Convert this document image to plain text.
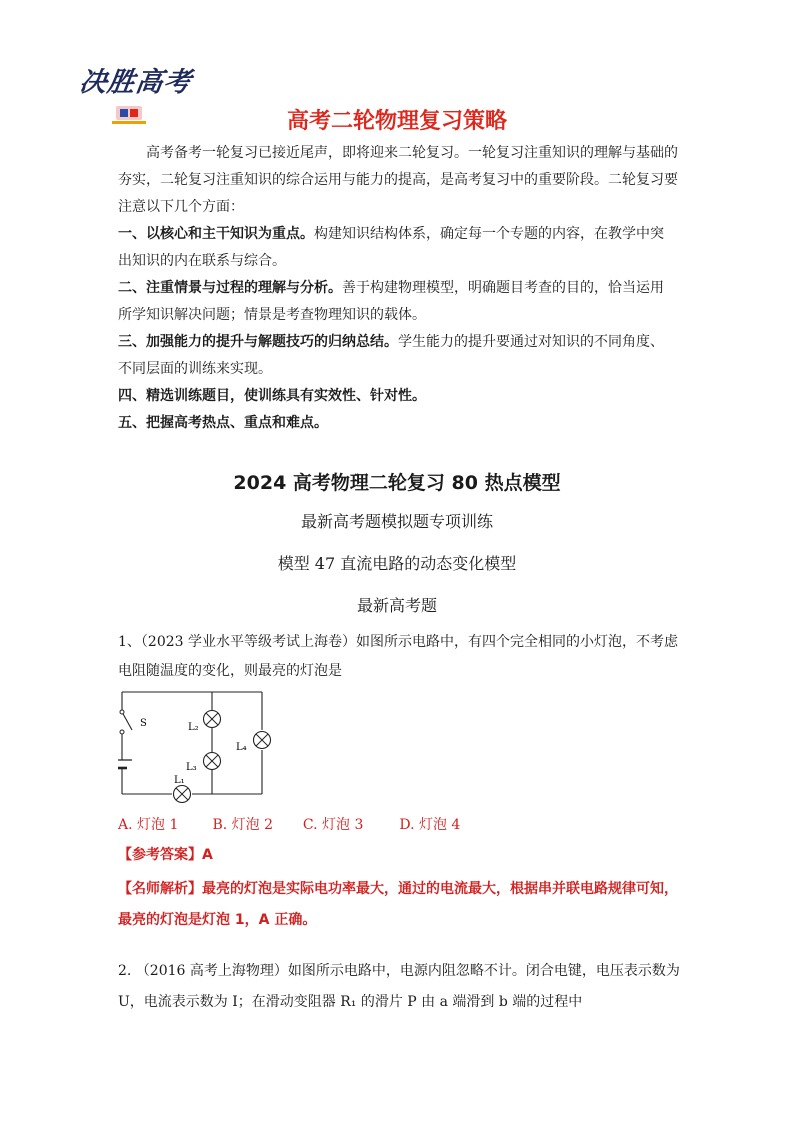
决胜高考
高考二轮物理复习策略
高考备考一轮复习已接近尾声，即将迎来二轮复习。一轮复习注重知识的理解与基础的
夯实，二轮复习注重知识的综合运用与能力的提高，是高考复习中的重要阶段。二轮复习要
注意以下几个方面：
一、以核心和主干知识为重点。构建知识结构体系，确定每一个专题的内容，在教学中突
出知识的内在联系与综合。
二、注重情景与过程的理解与分析。善于构建物理模型，明确题目考查的目的，恰当运用
所学知识解决问题；情景是考查物理知识的载体。
三、加强能力的提升与解题技巧的归纳总结。学生能力的提升要通过对知识的不同角度、
不同层面的训练来实现。
四、精选训练题目，使训练具有实效性、针对性。
五、把握高考热点、重点和难点。
2024 高考物理二轮复习 80 热点模型
最新高考题模拟题专项训练
模型 47 直流电路的动态变化模型
最新高考题
1、（2023 学业水平等级考试上海卷）如图所示电路中，有四个完全相同的小灯泡，不考虑
电阻随温度的变化，则最亮的灯泡是
S	L₂
L₃
L₄
L₁
A. 灯泡 1 B. 灯泡 2 C. 灯泡 3	D. 灯泡 4
【参考答案】A
【名师解析】最亮的灯泡是实际电功率最大，通过的电流最大，根据串并联电路规律可知，
最亮的灯泡是灯泡 1，A 正确。
2. （2016 高考上海物理）如图所示电路中，电源内阻忽略不计。闭合电键，电压表示数为
U，电流表示数为 I；在滑动变阻器 R₁ 的滑片 P 由 a 端滑到 b 端的过程中
